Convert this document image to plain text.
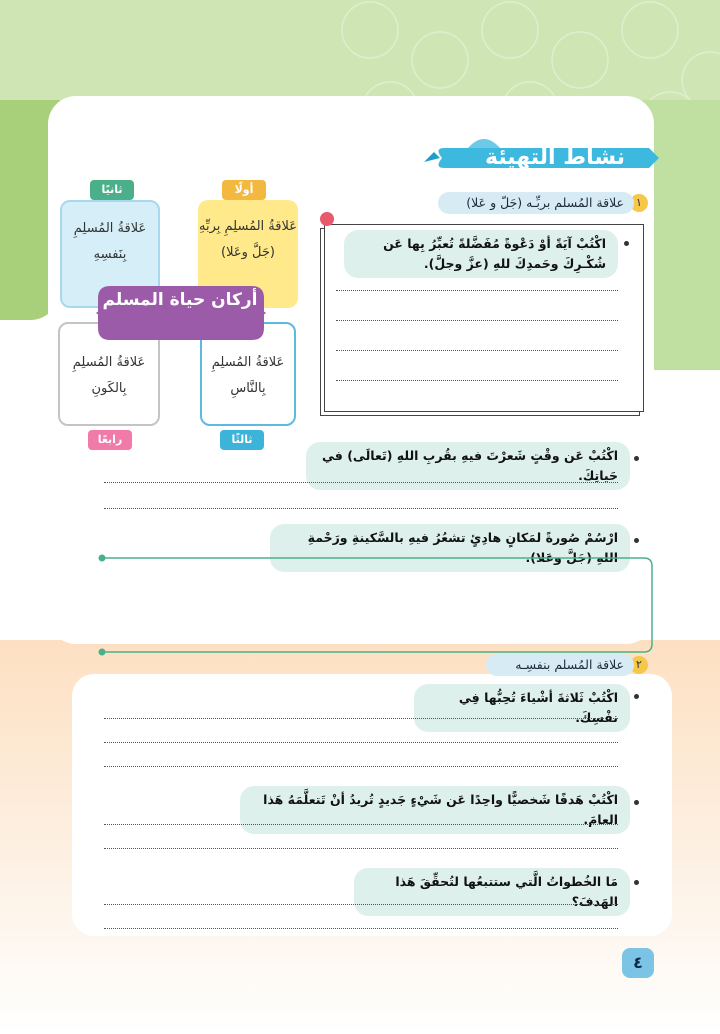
نشاط التهيئة
١
علاقة المُسلم بربِّـه (جَلّ و عَلا)
أولًا
عَلاقةُ المُسلِمِ بِربِّهِ (جَلَّ وعَلا)
ثانيًا
عَلاقةُ المُسلِمِ بِنَفسِهِ
عَلاقةُ المُسلِمِ بِالنَّاسِ
ثالثًا
عَلاقةُ المُسلِمِ بِالكَونِ
رابعًا
أركان حياة المسلم
اكْتُبْ آيَةً أوْ دَعْوةً مُفَضَّلةً تُعبِّرُ بِها عَن شُكْـرِكَ وحَمدِكَ للهِ (عزَّ وجلَّ).
اكْتُبْ عَن وقْتٍ شَعرْتَ فيهِ بقُربِ اللهِ (تَعالَى) في حَياتِكَ.
ارْسُمْ صُورةً لمَكانٍ هادِئٍ تشعُرُ فيهِ بالسَّكينةِ ورَحْمةِ اللهِ (جَلَّ وعَلا).
٢
علاقة المُسلم بنفسِـه
اكْتُبْ ثَلاثةَ أشْياءَ تُحِبُّها فِي نفْسِكَ.
اكْتُبْ هَدفًا شَخصيًّا واحِدًا عَن شَيْءٍ جَديدٍ تُريدُ أنْ تَتعلَّمَهُ هَذا العامَ.
مَا الخُطواتُ الَّتي ستتبعُها لتُحقِّقَ هَذا الهَدفَ؟
٤
